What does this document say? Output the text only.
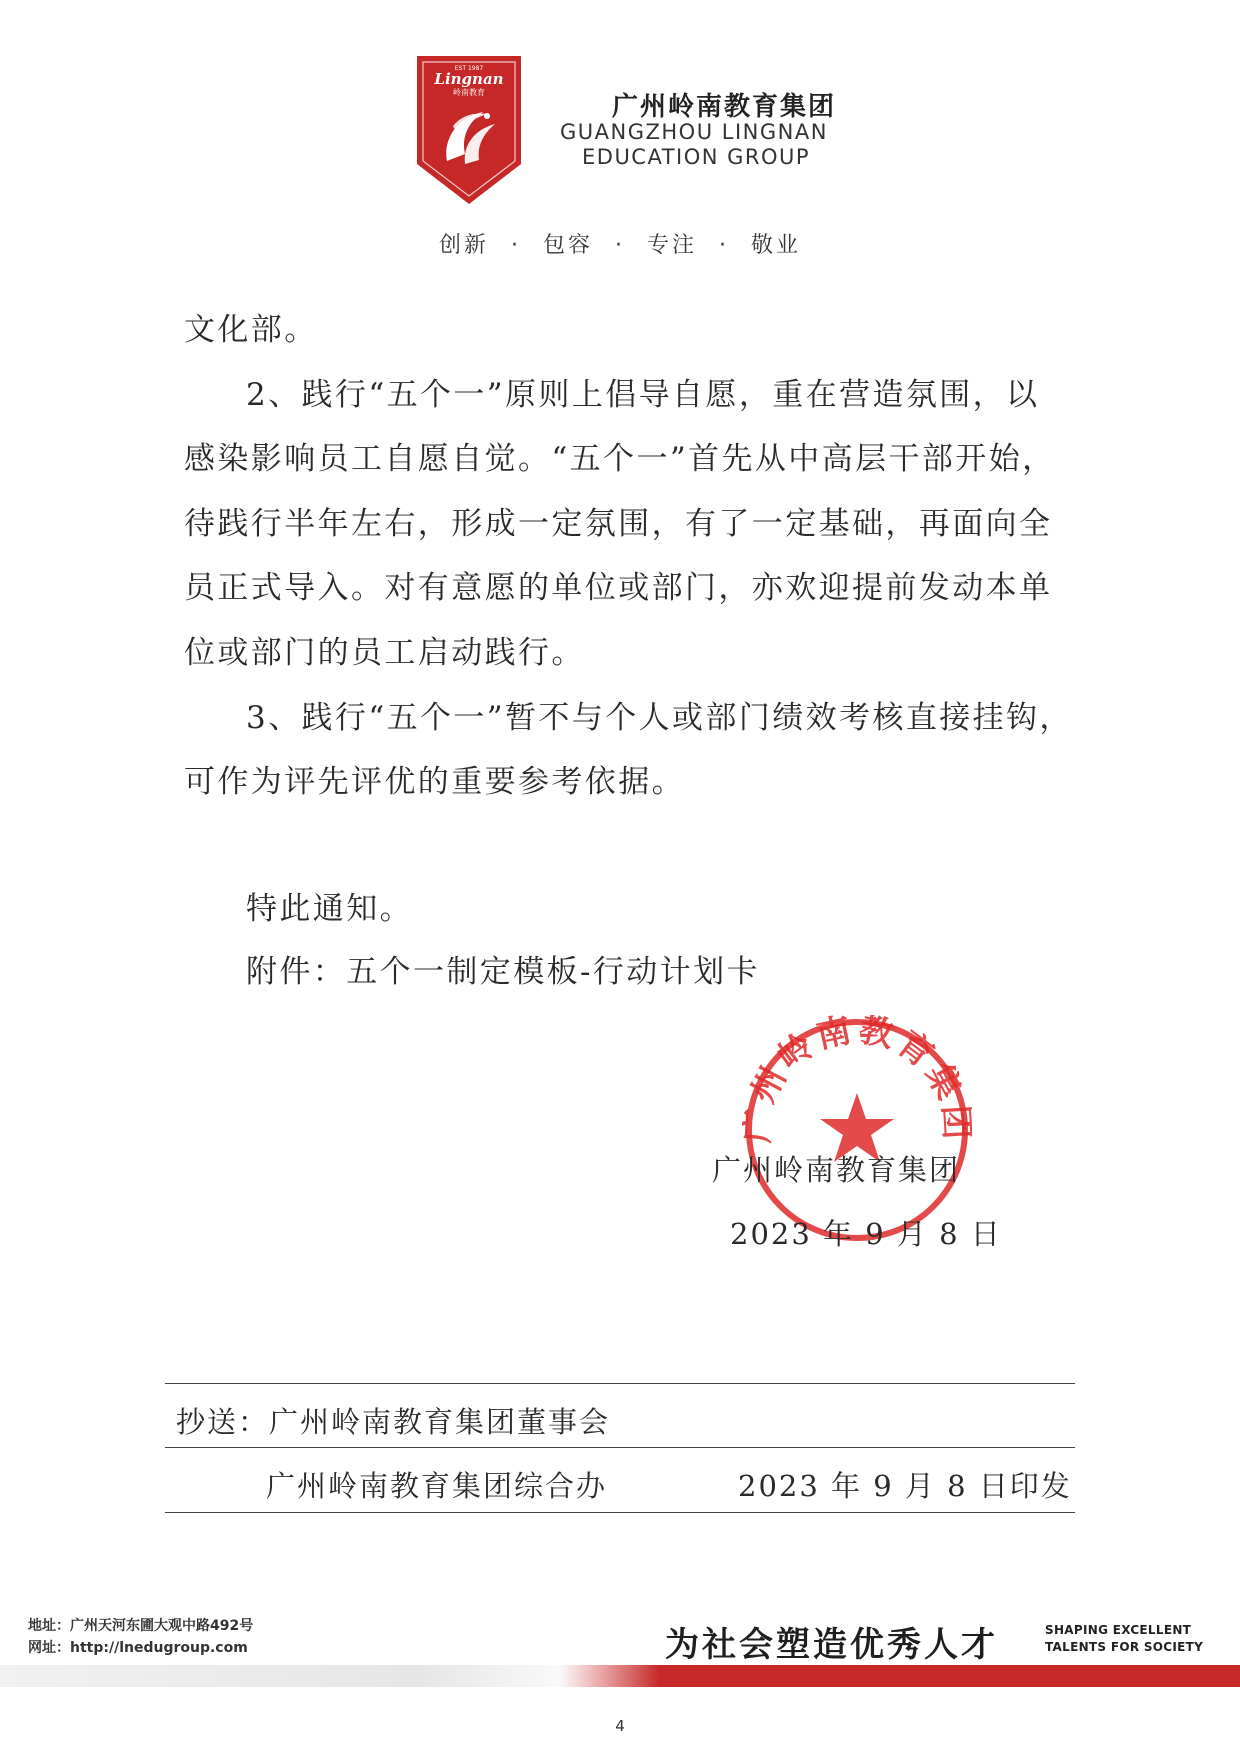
EST 1987
Lingnan
岭南教育	广州岭南教育集团
GUANGZHOU LINGNAN
EDUCATION GROUP
创新 · 包容 · 专注 · 敬业
文化部。
2、践行“五个一”原则上倡导自愿，重在营造氛围，以
感染影响员工自愿自觉。“五个一”首先从中高层干部开始，
待践行半年左右，形成一定氛围，有了一定基础，再面向全
员正式导入。对有意愿的单位或部门，亦欢迎提前发动本单
位或部门的员工启动践行。
3、践行“五个一”暂不与个人或部门绩效考核直接挂钩，
可作为评先评优的重要参考依据。
特此通知。
附件：五个一制定模板-行动计划卡
州岭南教育集
广州岭南教育集团
2023 年 9 月 8 日
抄送：广州岭南教育集团董事会
广州岭南教育集团综合办	2023 年 9 月 8 日印发
地址：广州天河东圃大观中路492号
网址：http://lnedugroup.com	为社会塑造优秀人才	SHAPING EXCELLENT
TALENTS FOR SOCIETY
4
